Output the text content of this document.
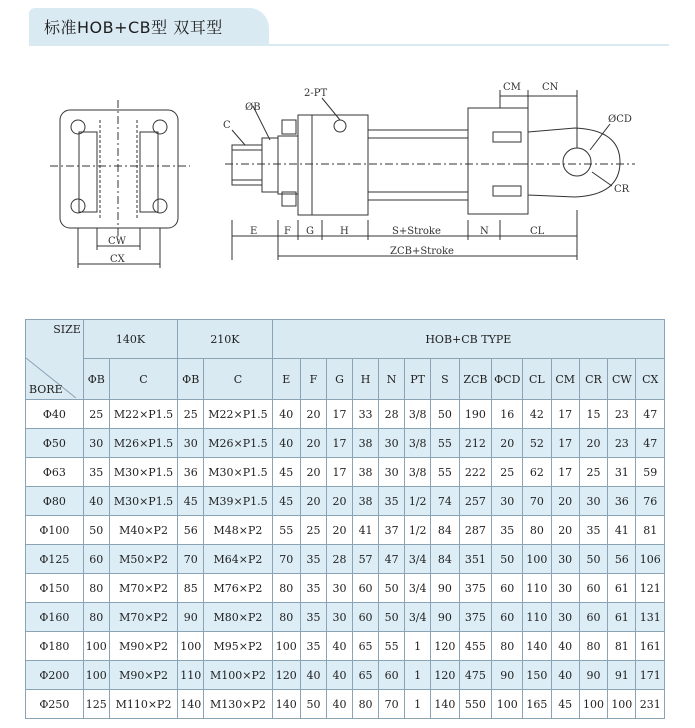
标准HOB+CB型 双耳型
C
ØB
2-PT
CM CN
ØCD
CR
E	F G	H	S+Stroke	N	CL
ZCB+Stroke
CW
CX
SIZE
BORE	140K		210K		HOB+CB TYPE													
	ΦB	C	ΦB	C	E	F	G	H	N	PT	S	ZCB	ΦCD	CL	CM	CR	CW	CX
Φ40	25	M22×P1.5	25	M22×P1.5	40	20	17	33	28	3/8	50	190	16	42	17	15	23	47
Φ50	30	M26×P1.5	30	M26×P1.5	40	20	17	38	30	3/8	55	212	20	52	17	20	23	47
Φ63	35	M30×P1.5	36	M30×P1.5	45	20	17	38	30	3/8	55	222	25	62	17	25	31	59
Φ80	40	M30×P1.5	45	M39×P1.5	45	20	20	38	35	1/2	74	257	30	70	20	30	36	76
Φ100	50	M40×P2	56	M48×P2	55	25	20	41	37	1/2	84	287	35	80	20	35	41	81
Φ125	60	M50×P2	70	M64×P2	70	35	28	57	47	3/4	84	351	50	100	30	50	56	106
Φ150	80	M70×P2	85	M76×P2	80	35	30	60	50	3/4	90	375	60	110	30	60	61	121
Φ160	80	M70×P2	90	M80×P2	80	35	30	60	50	3/4	90	375	60	110	30	60	61	131
Φ180	100	M90×P2	100	M95×P2	100	35	40	65	55	1	120	455	80	140	40	80	81	161
Φ200	100	M90×P2	110	M100×P2	120	40	40	65	60	1	120	475	90	150	40	90	91	171
Φ250	125	M110×P2	140	M130×P2	140	50	40	80	70	1	140	550	100	165	45	100	100	231
